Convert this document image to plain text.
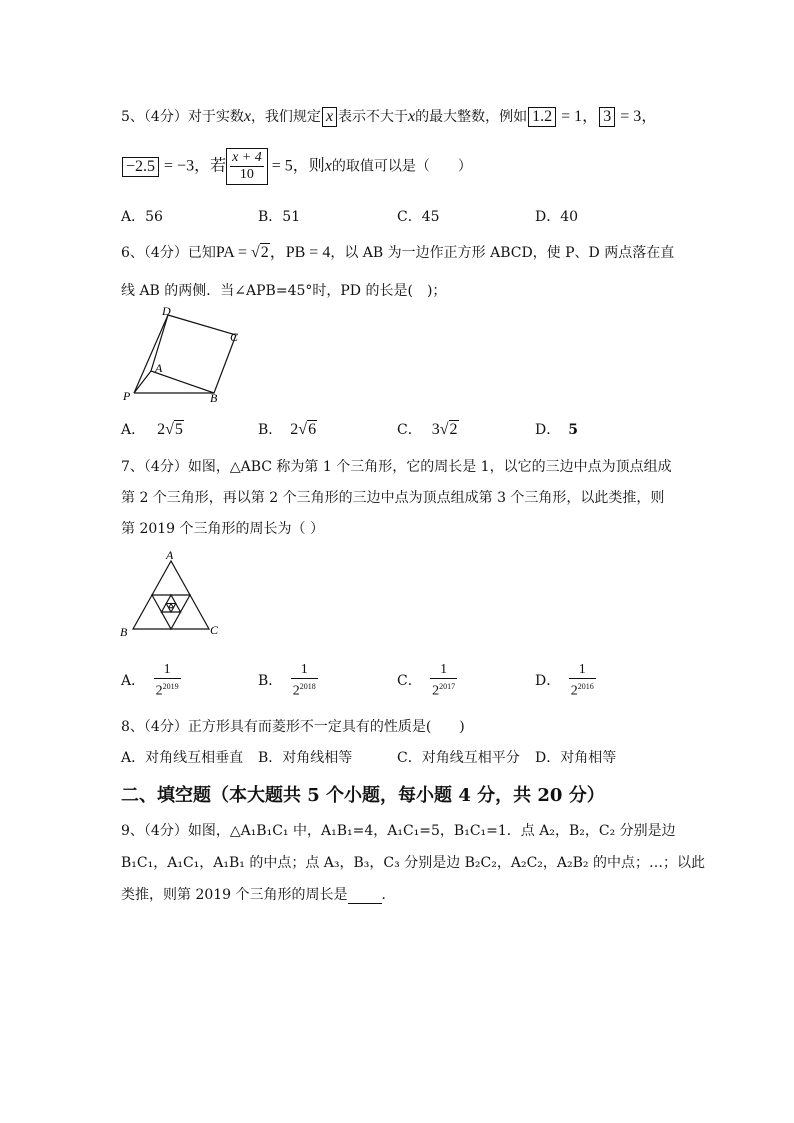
5、（4分）对于实数x，我们规定 x 表示不大于x的最大整数，例如 1.2 = 1， 3 = 3，
−2.5 = −3，若 $\frac{x + 4}{10} = 5$，则x的取值可以是（　　）
A．56	B．51	C．45	D．40
6、（4分）已知PA = √2，PB = 4，以 AB 为一边作正方形 ABCD，使 P、D 两点落在直
线 AB 的两侧．当∠APB=45°时，PD 的长是(　)；
D
C
A
P	B
A． 2√5	B． 2√6	C． 3√2	D． 5
7、（4分）如图，△ABC 称为第 1 个三角形，它的周长是 1，以它的三边中点为顶点组成
第 2 个三角形，再以第 2 个三角形的三边中点为顶点组成第 3 个三角形，以此类推，则
第 2019 个三角形的周长为（ ）
A
B	C
A． $\frac{1}{2^{2019}}$	B． $\frac{1}{2^{2018}}$	C． $\frac{1}{2^{2017}}$	D． $\frac{1}{2^{2016}}$
8、（4分）正方形具有而菱形不一定具有的性质是(　　)
A．对角线互相垂直 B．对角线相等	C．对角线互相平分 D．对角相等
二、填空题（本大题共 5 个小题，每小题 4 分，共 20 分）
9、（4分）如图，△A₁B₁C₁ 中，A₁B₁=4，A₁C₁=5，B₁C₁=1．点 A₂，B₂，C₂ 分别是边
B₁C₁，A₁C₁，A₁B₁ 的中点；点 A₃，B₃，C₃ 分别是边 B₂C₂，A₂C₂，A₂B₂ 的中点；…；以此
类推，则第 2019 个三角形的周长是 ．
